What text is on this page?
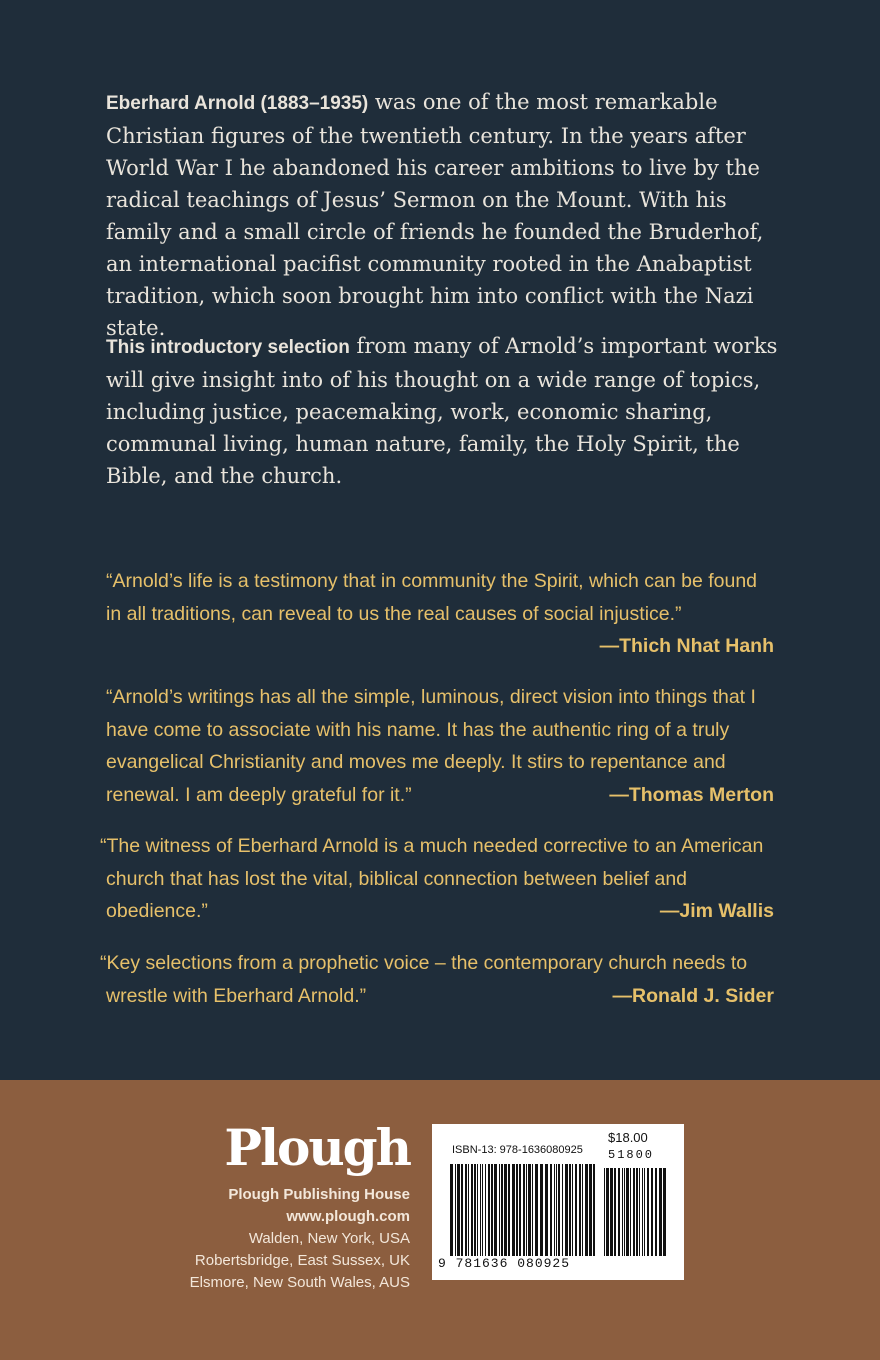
Eberhard Arnold (1883–1935) was one of the most remarkable Christian figures of the twentieth century. In the years after World War I he abandoned his career ambitions to live by the radical teachings of Jesus’ Sermon on the Mount. With his family and a small circle of friends he founded the Bruderhof, an international pacifist community rooted in the Anabaptist tradition, which soon brought him into conflict with the Nazi state.

This introductory selection from many of Arnold’s important works will give insight into of his thought on a wide range of topics, including justice, peacemaking, work, economic sharing, communal living, human nature, family, the Holy Spirit, the Bible, and the church.

“Arnold’s life is a testimony that in community the Spirit, which can be found in all traditions, can reveal to us the real causes of social injustice.”

—Thich Nhat Hanh
“Arnold’s writings has all the simple, luminous, direct vision into things that I have come to associate with his name. It has the authentic ring of a truly evangelical Christianity and moves me deeply. It stirs to repentance and renewal. I am deeply grateful for it.”	—Thomas Merton
“The witness of Eberhard Arnold is a much needed corrective to an American church that has lost the vital, biblical connection between belief and obedience.”	—Jim Wallis
“Key selections from a prophetic voice – the contemporary church needs to wrestle with Eberhard Arnold.”	—Ronald J. Sider
Plough
Plough Publishing House
www.plough.com
Walden, New York, USA
Robertsbridge, East Sussex, UK
Elsmore, New South Wales, AUS
ISBN-13: 978-1636080925
$18.00
51800
9 781636 080925
